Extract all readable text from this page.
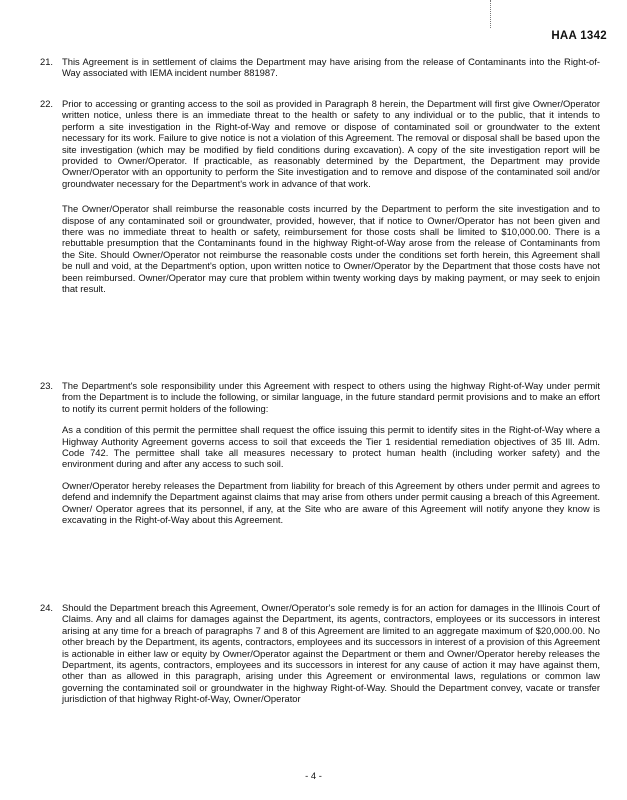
HAA 1342
21. This Agreement is in settlement of claims the Department may have arising from the release of Contaminants into the Right-of-Way associated with IEMA incident number 881987.

22. Prior to accessing or granting access to the soil as provided in Paragraph 8 herein, the Department will first give Owner/Operator written notice, unless there is an immediate threat to the health or safety to any individual or to the public, that it intends to perform a site investigation in the Right-of-Way and remove or dispose of contaminated soil or groundwater to the extent necessary for its work. Failure to give notice is not a violation of this Agreement. The removal or disposal shall be based upon the site investigation (which may be modified by field conditions during excavation). A copy of the site investigation report will be provided to Owner/Operator. If practicable, as reasonably determined by the Department, the Department may provide Owner/Operator with an opportunity to perform the Site investigation and to remove and dispose of the contaminated soil and/or groundwater necessary for the Department's work in advance of that work.

The Owner/Operator shall reimburse the reasonable costs incurred by the Department to perform the site investigation and to dispose of any contaminated soil or groundwater, provided, however, that if notice to Owner/Operator has not been given and there was no immediate threat to health or safety, reimbursement for those costs shall be limited to $10,000.00. There is a rebuttable presumption that the Contaminants found in the highway Right-of-Way arose from the release of Contaminants from the Site. Should Owner/Operator not reimburse the reasonable costs under the conditions set forth herein, this Agreement shall be null and void, at the Department's option, upon written notice to Owner/Operator by the Department that those costs have not been reimbursed. Owner/Operator may cure that problem within twenty working days by making payment, or may seek to enjoin that result.

23. The Department's sole responsibility under this Agreement with respect to others using the highway Right-of-Way under permit from the Department is to include the following, or similar language, in the future standard permit provisions and to make an effort to notify its current permit holders of the following:

As a condition of this permit the permittee shall request the office issuing this permit to identify sites in the Right-of-Way where a Highway Authority Agreement governs access to soil that exceeds the Tier 1 residential remediation objectives of 35 Ill. Adm. Code 742. The permittee shall take all measures necessary to protect human health (including worker safety) and the environment during and after any access to such soil.

Owner/Operator hereby releases the Department from liability for breach of this Agreement by others under permit and agrees to defend and indemnify the Department against claims that may arise from others under permit causing a breach of this Agreement. Owner/ Operator agrees that its personnel, if any, at the Site who are aware of this Agreement will notify anyone they know is excavating in the Right-of-Way about this Agreement.

24. Should the Department breach this Agreement, Owner/Operator's sole remedy is for an action for damages in the Illinois Court of Claims. Any and all claims for damages against the Department, its agents, contractors, employees or its successors in interest arising at any time for a breach of paragraphs 7 and 8 of this Agreement are limited to an aggregate maximum of $20,000.00. No other breach by the Department, its agents, contractors, employees and its successors in interest of a provision of this Agreement is actionable in either law or equity by Owner/Operator against the Department or them and Owner/Operator hereby releases the Department, its agents, contractors, employees and its successors in interest for any cause of action it may have against them, other than as allowed in this paragraph, arising under this Agreement or environmental laws, regulations or common law governing the contaminated soil or groundwater in the highway Right-of-Way. Should the Department convey, vacate or transfer jurisdiction of that highway Right-of-Way, Owner/Operator

- 4 -
